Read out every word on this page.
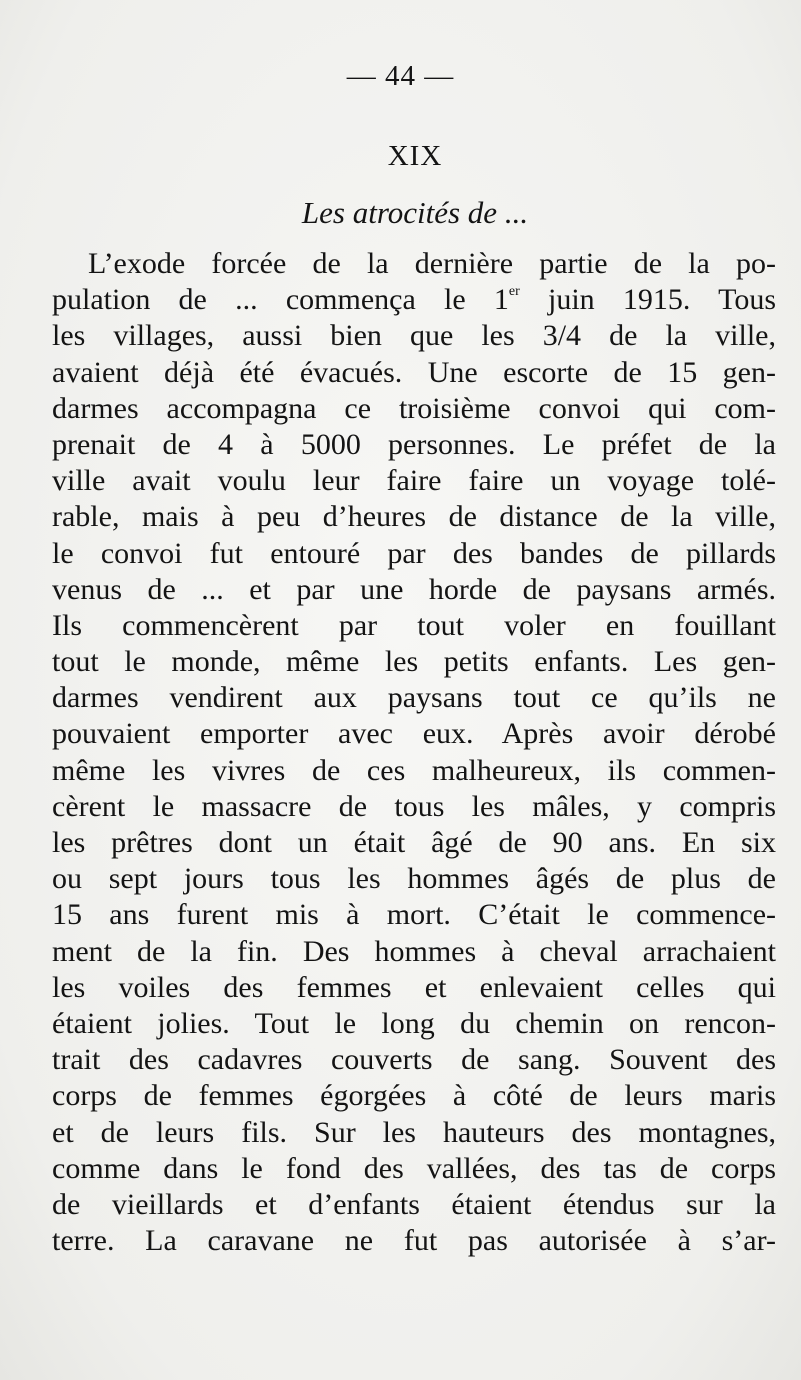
— 44 —
XIX
Les atrocités de ...
L’exode forcée de la dernière partie de la po-
pulation de ... commença le 1er juin 1915. Tous
les villages, aussi bien que les 3/4 de la ville,
avaient déjà été évacués. Une escorte de 15 gen-
darmes accompagna ce troisième convoi qui com-
prenait de 4 à 5000 personnes. Le préfet de la
ville avait voulu leur faire faire un voyage tolé-
rable, mais à peu d’heures de distance de la ville,
le convoi fut entouré par des bandes de pillards
venus de ... et par une horde de paysans armés.
Ils commencèrent par tout voler en fouillant
tout le monde, même les petits enfants. Les gen-
darmes vendirent aux paysans tout ce qu’ils ne
pouvaient emporter avec eux. Après avoir dérobé
même les vivres de ces malheureux, ils commen-
cèrent le massacre de tous les mâles, y compris
les prêtres dont un était âgé de 90 ans. En six
ou sept jours tous les hommes âgés de plus de
15 ans furent mis à mort. C’était le commence-
ment de la fin. Des hommes à cheval arrachaient
les voiles des femmes et enlevaient celles qui
étaient jolies. Tout le long du chemin on rencon-
trait des cadavres couverts de sang. Souvent des
corps de femmes égorgées à côté de leurs maris
et de leurs fils. Sur les hauteurs des montagnes,
comme dans le fond des vallées, des tas de corps
de vieillards et d’enfants étaient étendus sur la
terre. La caravane ne fut pas autorisée à s’ar-
